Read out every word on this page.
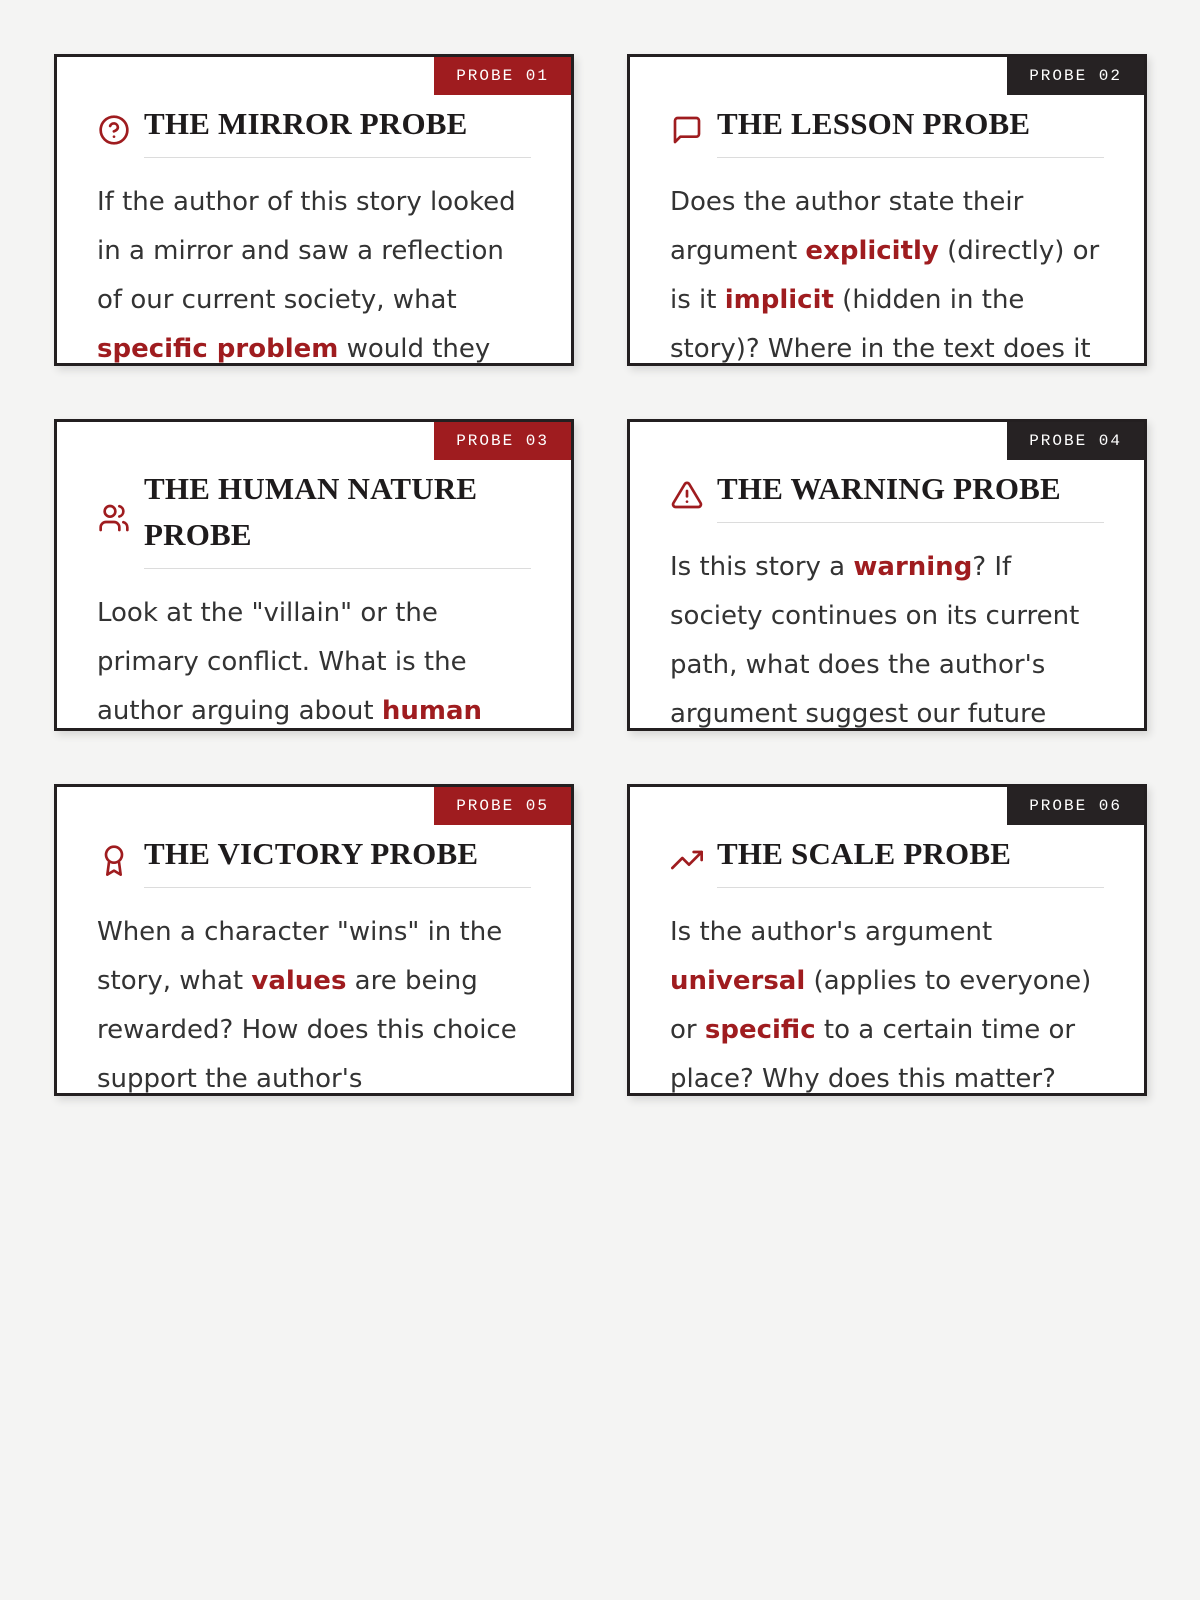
PROBE 01
THE MIRROR PROBE

If the author of this story looked in a mirror and saw a reflection of our current society, what specific problem would they

PROBE 02
THE LESSON PROBE

Does the author state their argument explicitly (directly) or is it implicit (hidden in the story)? Where in the text does it

PROBE 03
THE HUMAN NATURE PROBE

Look at the "villain" or the primary conflict. What is the author arguing about human

PROBE 04
THE WARNING PROBE

Is this story a warning? If society continues on its current path, what does the author's argument suggest our future

PROBE 05
THE VICTORY PROBE

When a character "wins" in the story, what values are being rewarded? How does this choice support the author's

PROBE 06
THE SCALE PROBE

Is the author's argument universal (applies to everyone) or specific to a certain time or place? Why does this matter?
